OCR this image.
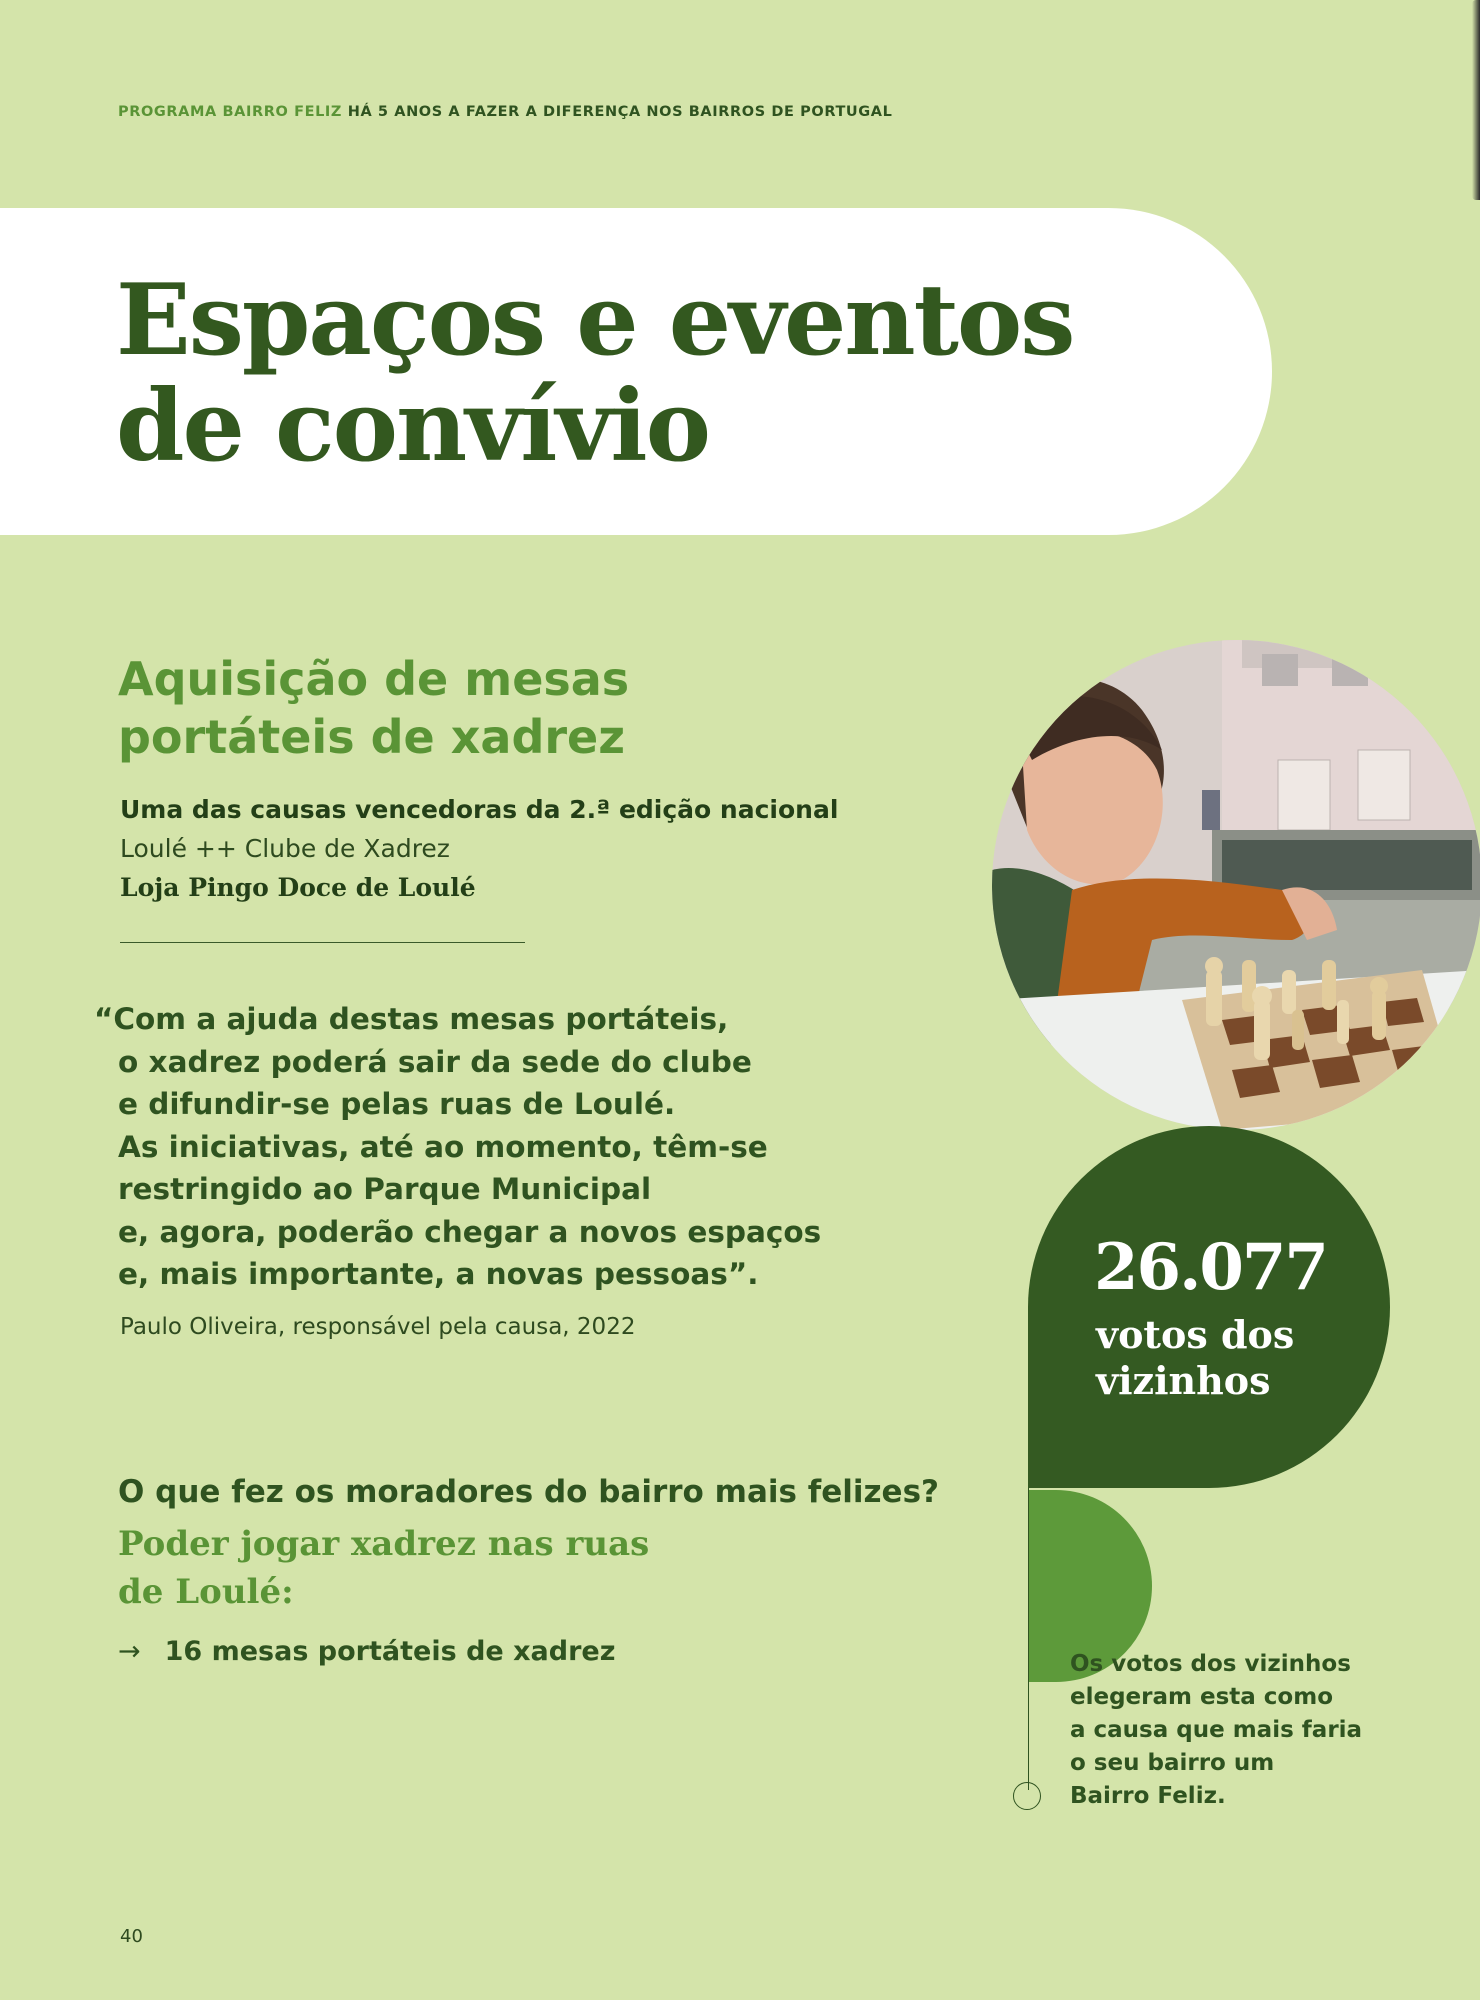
PROGRAMA BAIRRO FELIZ HÁ 5 ANOS A FAZER A DIFERENÇA NOS BAIRROS DE PORTUGAL
Espaços e eventos
de convívio
Aquisição de mesas
portáteis de xadrez
Uma das causas vencedoras da 2.ª edição nacional
Loulé ++ Clube de Xadrez
Loja Pingo Doce de Loulé
“Com a ajuda destas mesas portáteis,
o xadrez poderá sair da sede do clube
e difundir-se pelas ruas de Loulé.
As iniciativas, até ao momento, têm-se
restringido ao Parque Municipal
e, agora, poderão chegar a novos espaços
e, mais importante, a novas pessoas”.
Paulo Oliveira, responsável pela causa, 2022
O que fez os moradores do bairro mais felizes?
Poder jogar xadrez nas ruas
de Loulé:
→ 16 mesas portáteis de xadrez
26.077
votos dos
vizinhos
Os votos dos vizinhos
elegeram esta como
a causa que mais faria
o seu bairro um
Bairro Feliz.
40
